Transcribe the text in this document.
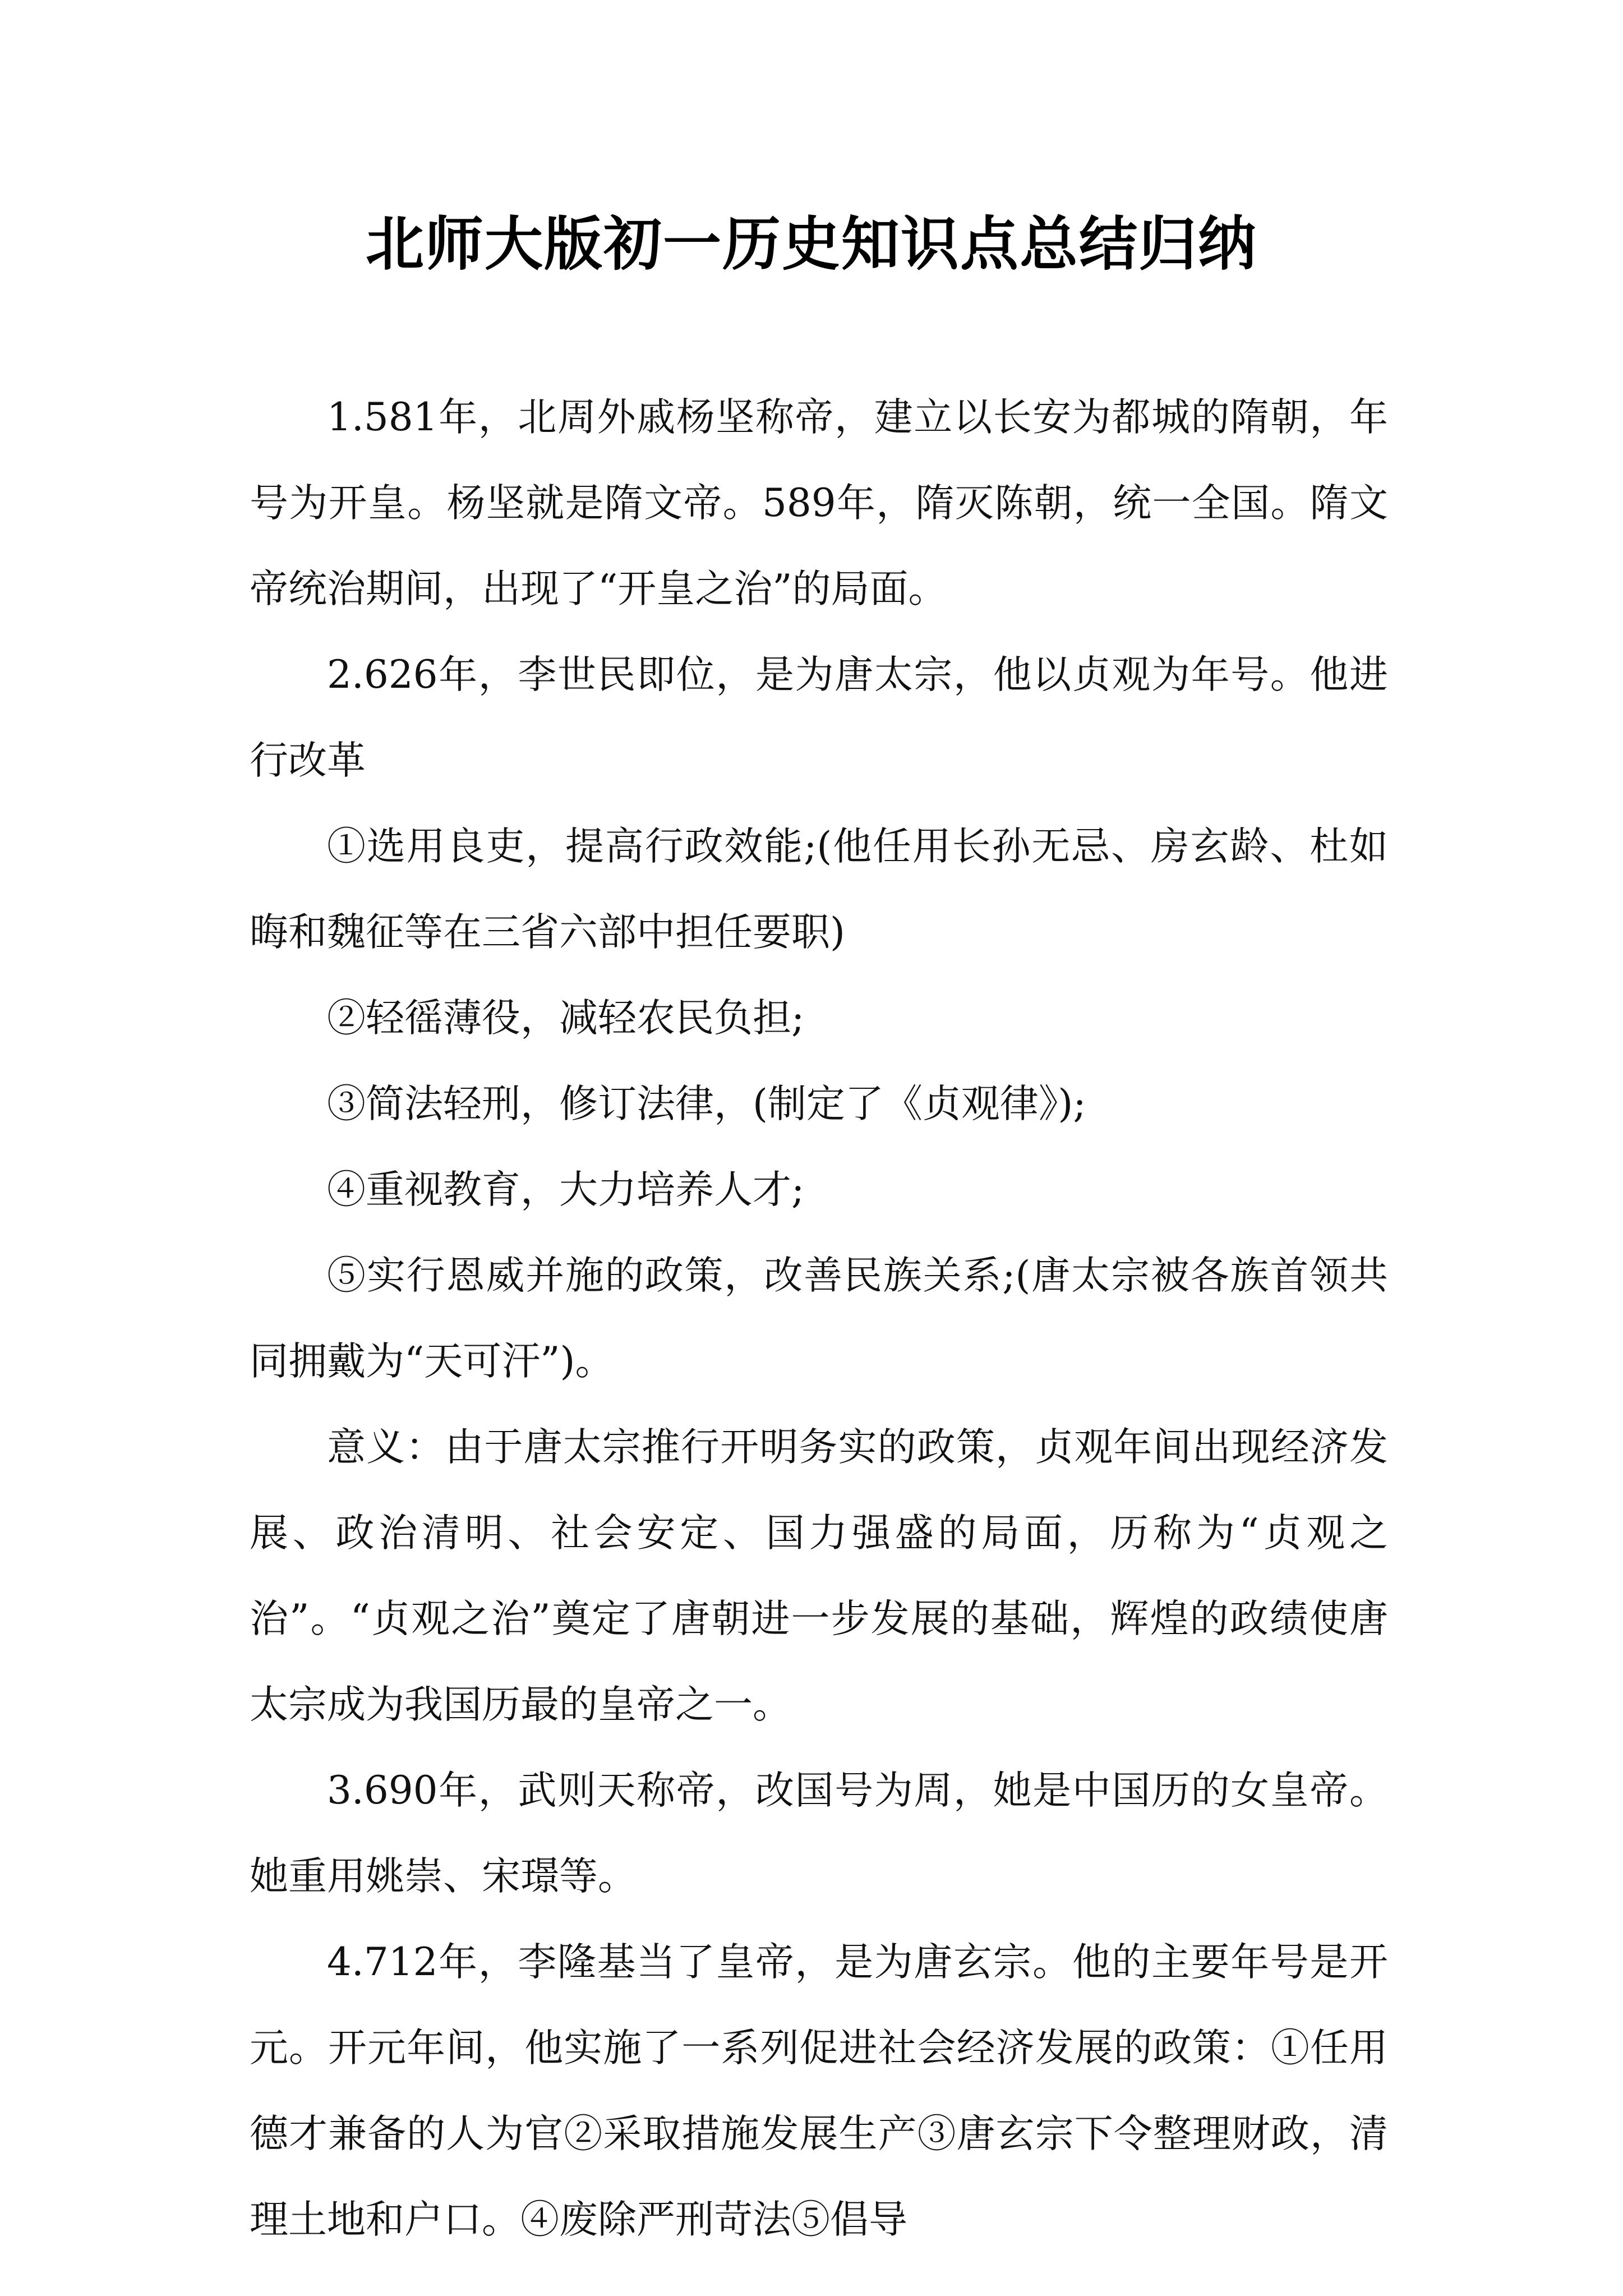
北师大版初一历史知识点总结归纳

1.581年，北周外戚杨坚称帝，建立以长安为都城的隋朝，年号为开皇。杨坚就是隋文帝。589年，隋灭陈朝，统一全国。隋文帝统治期间，出现了“开皇之治”的局面。

2.626年，李世民即位，是为唐太宗，他以贞观为年号。他进行改革

①选用良吏，提高行政效能;(他任用长孙无忌、房玄龄、杜如晦和魏征等在三省六部中担任要职)

②轻徭薄役，减轻农民负担;

③简法轻刑，修订法律，(制定了《贞观律》);

④重视教育，大力培养人才;

⑤实行恩威并施的政策，改善民族关系;(唐太宗被各族首领共同拥戴为“天可汗”)。

意义：由于唐太宗推行开明务实的政策，贞观年间出现经济发展、政治清明、社会安定、国力强盛的局面，历称为“贞观之治”。“贞观之治”奠定了唐朝进一步发展的基础，辉煌的政绩使唐太宗成为我国历最的皇帝之一。

3.690年，武则天称帝，改国号为周，她是中国历的女皇帝。她重用姚崇、宋璟等。

4.712年，李隆基当了皇帝，是为唐玄宗。他的主要年号是开元。开元年间，他实施了一系列促进社会经济发展的政策：①任用德才兼备的人为官②采取措施发展生产③唐玄宗下令整理财政，清理土地和户口。④废除严刑苛法⑤倡导
